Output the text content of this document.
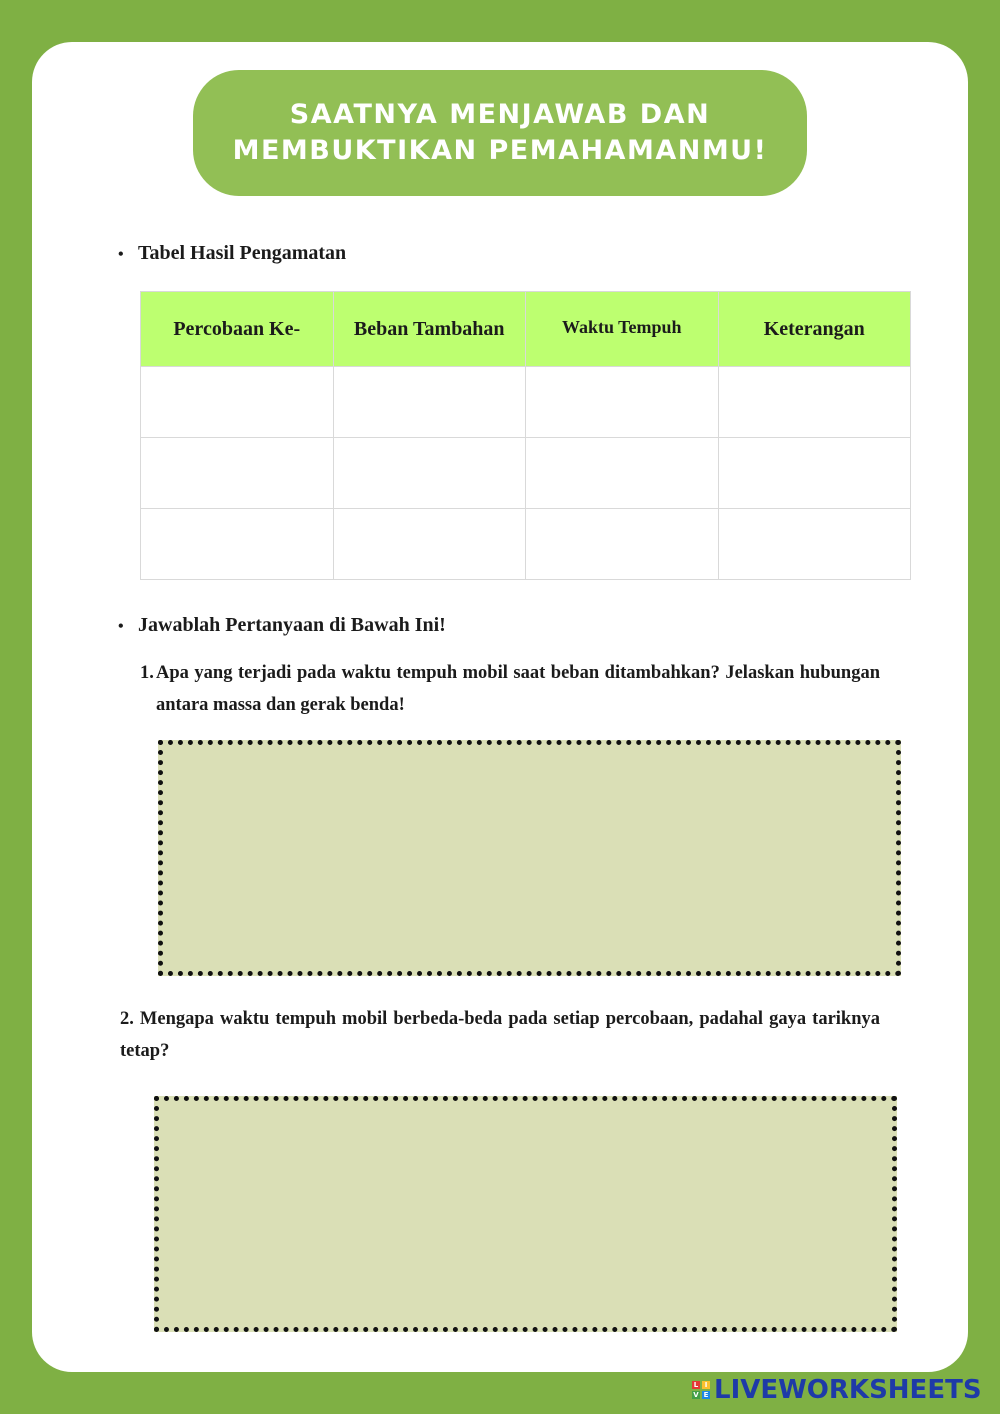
SAATNYA MENJAWAB DAN
MEMBUKTIKAN PEMAHAMANMU!
• Tabel Hasil Pengamatan
Percobaan Ke-	Beban Tambahan	Waktu Tempuh	Keterangan

• Jawablah Pertanyaan di Bawah Ini!
1. Apa yang terjadi pada waktu tempuh mobil saat beban ditambahkan? Jelaskan hubungan antara massa dan gerak benda!
2. Mengapa waktu tempuh mobil berbeda-beda pada setiap percobaan, padahal gaya tariknya tetap?
L I
V E LIVEWORKSHEETS
